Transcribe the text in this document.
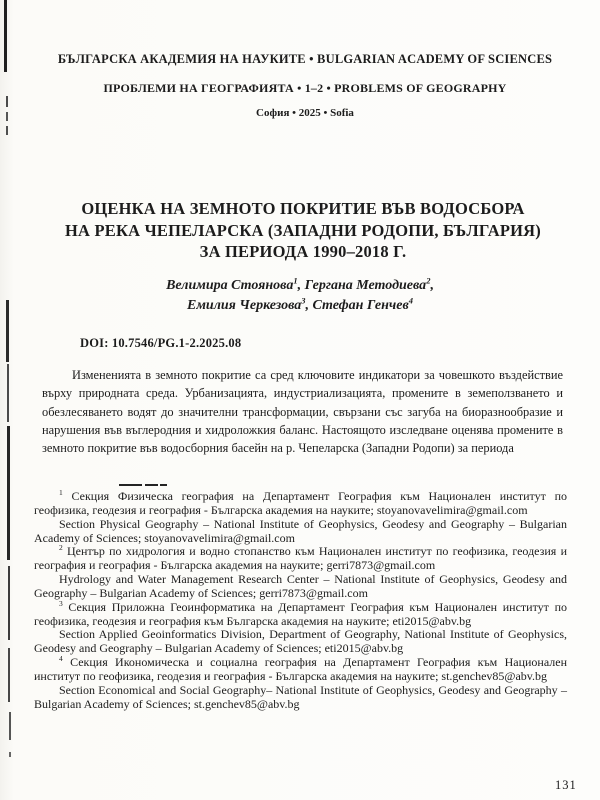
БЪЛГАРСКА АКАДЕМИЯ НА НАУКИТЕ • BULGARIAN ACADEMY OF SCIENCES
ПРОБЛЕМИ НА ГЕОГРАФИЯТА • 1–2 • PROBLEMS OF GEOGRAPHY
София • 2025 • Sofia
ОЦЕНКА НА ЗЕМНОТО ПОКРИТИЕ ВЪВ ВОДОСБОРА
НА РЕКА ЧЕПЕЛАРСКА (ЗАПАДНИ РОДОПИ, БЪЛГАРИЯ)
ЗА ПЕРИОДА 1990–2018 Г.
Велимира Стоянова$^1$, Гергана Методиева$^2$,
Емилия Черкезова$^3$, Стефан Генчев$^4$
DOI: 10.7546/PG.1-2.2025.08
Измененията в земното покритие са сред ключовите индикатори за човешкото въздействие върху природната среда. Урбанизацията, индустриализацията, промените в земеползването и обезлесяването водят до значителни трансформации, свързани със загуба на биоразнообразие и нарушения във въглеродния и хидроложкия баланс. Настоящото изследване оценява промените в земното покритие във водосборния басейн на р. Чепеларска (Западни Родопи) за периода

$^1$ Секция Физическа география на Департамент География към Национален институт по геофизика, геодезия и география - Българска академия на науките; stoyanovavelimira@gmail.com

Section Physical Geography – National Institute of Geophysics, Geodesy and Geography – Bulgarian Academy of Sciences; stoyanovavelimira@gmail.com

$^2$ Център по хидрология и водно стопанство към Национален институт по геофизика, геодезия и география и география - Българска академия на науките; gerri7873@gmail.com

Hydrology and Water Management Research Center – National Institute of Geophysics, Geodesy and Geography – Bulgarian Academy of Sciences; gerri7873@gmail.com

$^3$ Секция Приложна Геоинформатика на Департамент География към Национален институт по геофизика, геодезия и география към Българска академия на науките; eti2015@abv.bg

Section Applied Geoinformatics Division, Department of Geography, National Institute of Geophysics, Geodesy and Geography – Bulgarian Academy of Sciences; eti2015@abv.bg

$^4$ Секция Икономическа и социална география на Департамент География към Национален институт по геофизика, геодезия и география - Българска академия на науките; st.genchev85@abv.bg

Section Economical and Social Geography– National Institute of Geophysics, Geodesy and Geography – Bulgarian Academy of Sciences; st.genchev85@abv.bg

131
